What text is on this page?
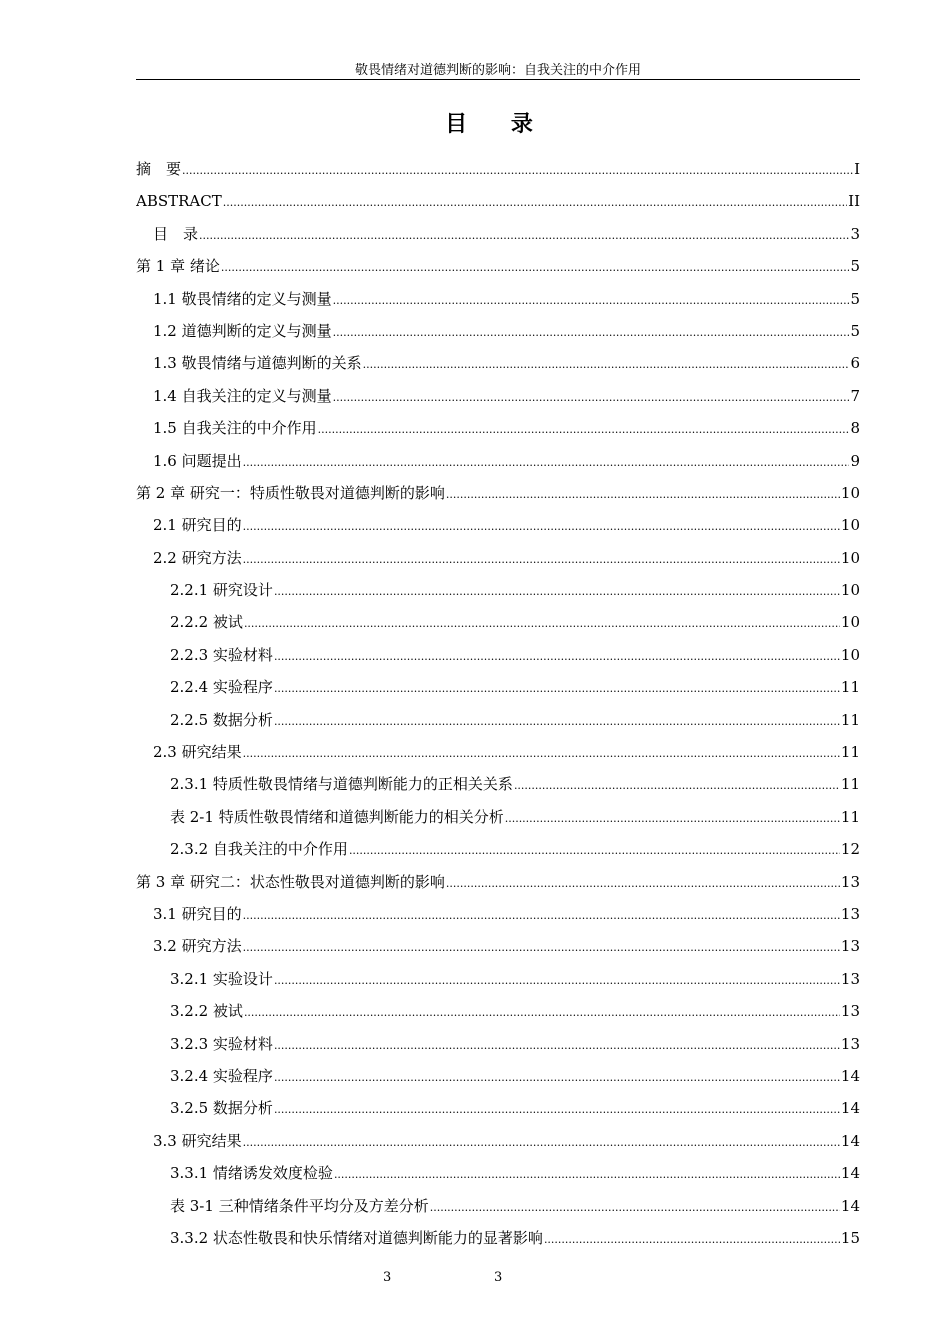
敬畏情绪对道德判断的影响：自我关注的中介作用
目 录
摘　要 .....	I
ABSTRACT .....	II
目　录 .....	3
第 1 章 绪论 .....	5
1.1 敬畏情绪的定义与测量 .....	5
1.2 道德判断的定义与测量 .....	5
1.3 敬畏情绪与道德判断的关系 .....	6
1.4 自我关注的定义与测量 .....	7
1.5 自我关注的中介作用 .....	8
1.6 问题提出 .....	9
第 2 章 研究一：特质性敬畏对道德判断的影响 .....	10
2.1 研究目的 .....	10
2.2 研究方法 .....	10
2.2.1 研究设计 .....	10
2.2.2 被试 .....	10
2.2.3 实验材料 .....	10
2.2.4 实验程序 .....	11
2.2.5 数据分析 .....	11
2.3 研究结果 .....	11
2.3.1 特质性敬畏情绪与道德判断能力的正相关关系 .....	11
表 2-1 特质性敬畏情绪和道德判断能力的相关分析 .....	11
2.3.2 自我关注的中介作用 .....	12
第 3 章 研究二：状态性敬畏对道德判断的影响 .....	13
3.1 研究目的 .....	13
3.2 研究方法 .....	13
3.2.1 实验设计 .....	13
3.2.2 被试 .....	13
3.2.3 实验材料 .....	13
3.2.4 实验程序 .....	14
3.2.5 数据分析 .....	14
3.3 研究结果 .....	14
3.3.1 情绪诱发效度检验 .....	14
表 3-1 三种情绪条件平均分及方差分析 .....	14
3.3.2 状态性敬畏和快乐情绪对道德判断能力的显著影响 .....	15
3	3
